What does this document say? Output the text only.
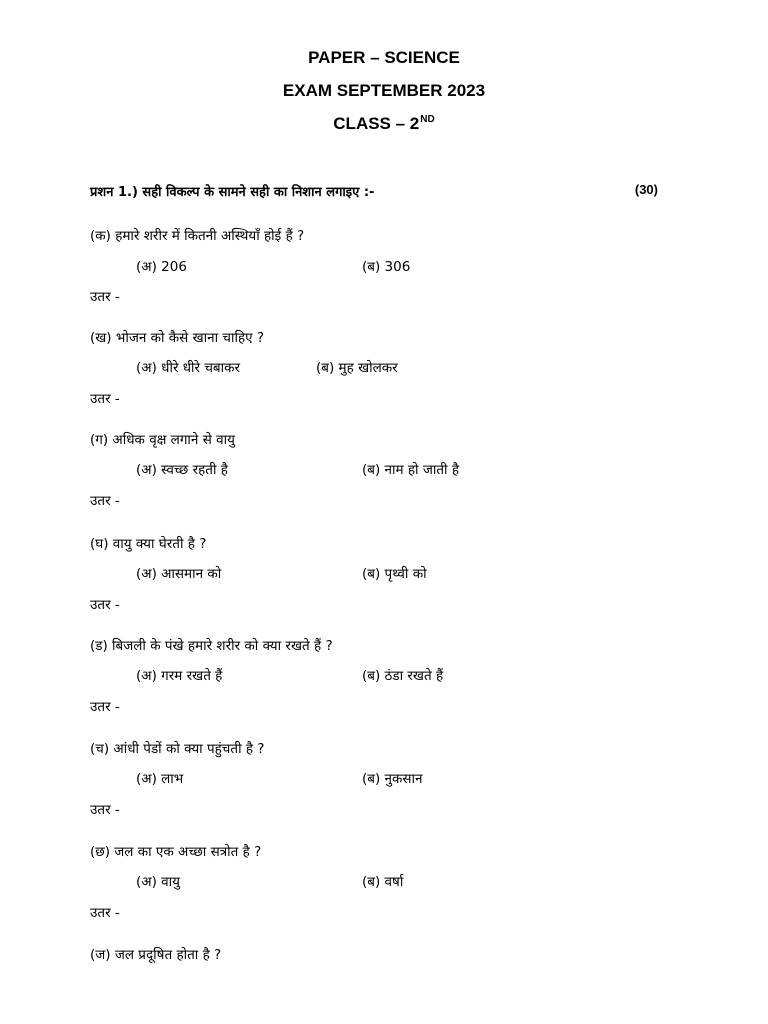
PAPER – SCIENCE
EXAM SEPTEMBER 2023
CLASS – 2ND
प्रशन 1.) सही विकल्प के सामने सही का निशान लगाइए :-	(30)
(क) हमारे शरीर में कितनी अस्थियाँ होई हैं ?
(अ) 206	(ब) 306
उतर -
(ख) भोजन को कैसे खाना चाहिए ?
(अ) धीरे धीरे चबाकर	(ब) मुह खोलकर
उतर -
(ग) अधिक वृक्ष लगाने से वायु
(अ) स्वच्छ रहती है	(ब) नाम हो जाती है
उतर -
(घ) वायु क्या घेरती है ?
(अ) आसमान को	(ब) पृथ्वी को
उतर -
(ड) बिजली के पंखे हमारे शरीर को क्या रखते हैं ?
(अ) गरम रखते हैं	(ब) ठंडा रखते हैं
उतर -
(च) आंधी पेडों को क्या पहुंचती है ?
(अ) लाभ	(ब) नुकसान
उतर -
(छ) जल का एक अच्छा सत्रोत है ?
(अ) वायु	(ब) वर्षा
उतर -
(ज) जल प्रदूषित होता है ?
